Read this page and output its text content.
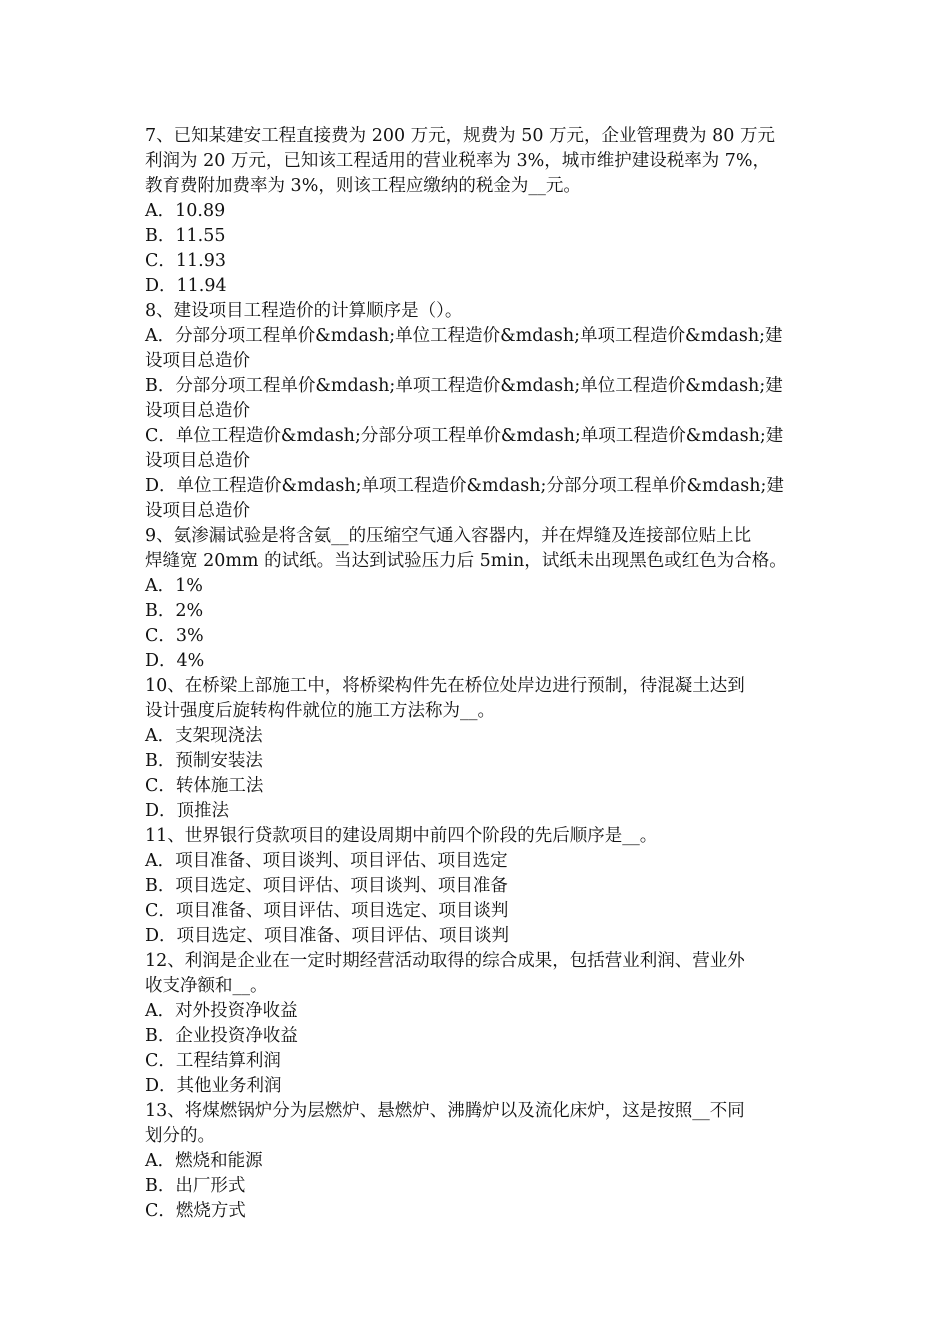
7、已知某建安工程直接费为 200 万元，规费为 50 万元，企业管理费为 80 万元
利润为 20 万元，已知该工程适用的营业税率为 3%，城市维护建设税率为 7%，
教育费附加费率为 3%，则该工程应缴纳的税金为__元。
A．10.89
B．11.55
C．11.93
D．11.94
8、建设项目工程造价的计算顺序是（）。
A．分部分项工程单价&mdash;单位工程造价&mdash;单项工程造价&mdash;建
设项目总造价
B．分部分项工程单价&mdash;单项工程造价&mdash;单位工程造价&mdash;建
设项目总造价
C．单位工程造价&mdash;分部分项工程单价&mdash;单项工程造价&mdash;建
设项目总造价
D．单位工程造价&mdash;单项工程造价&mdash;分部分项工程单价&mdash;建
设项目总造价
9、氨渗漏试验是将含氨__的压缩空气通入容器内，并在焊缝及连接部位贴上比
焊缝宽 20mm 的试纸。当达到试验压力后 5min，试纸未出现黑色或红色为合格。
A．1%
B．2%
C．3%
D．4%
10、在桥梁上部施工中，将桥梁构件先在桥位处岸边进行预制，待混凝土达到
设计强度后旋转构件就位的施工方法称为__。
A．支架现浇法
B．预制安装法
C．转体施工法
D．顶推法
11、世界银行贷款项目的建设周期中前四个阶段的先后顺序是__。
A．项目准备、项目谈判、项目评估、项目选定
B．项目选定、项目评估、项目谈判、项目准备
C．项目准备、项目评估、项目选定、项目谈判
D．项目选定、项目准备、项目评估、项目谈判
12、利润是企业在一定时期经营活动取得的综合成果，包括营业利润、营业外
收支净额和__。
A．对外投资净收益
B．企业投资净收益
C．工程结算利润
D．其他业务利润
13、将煤燃锅炉分为层燃炉、悬燃炉、沸腾炉以及流化床炉，这是按照__不同
划分的。
A．燃烧和能源
B．出厂形式
C．燃烧方式
